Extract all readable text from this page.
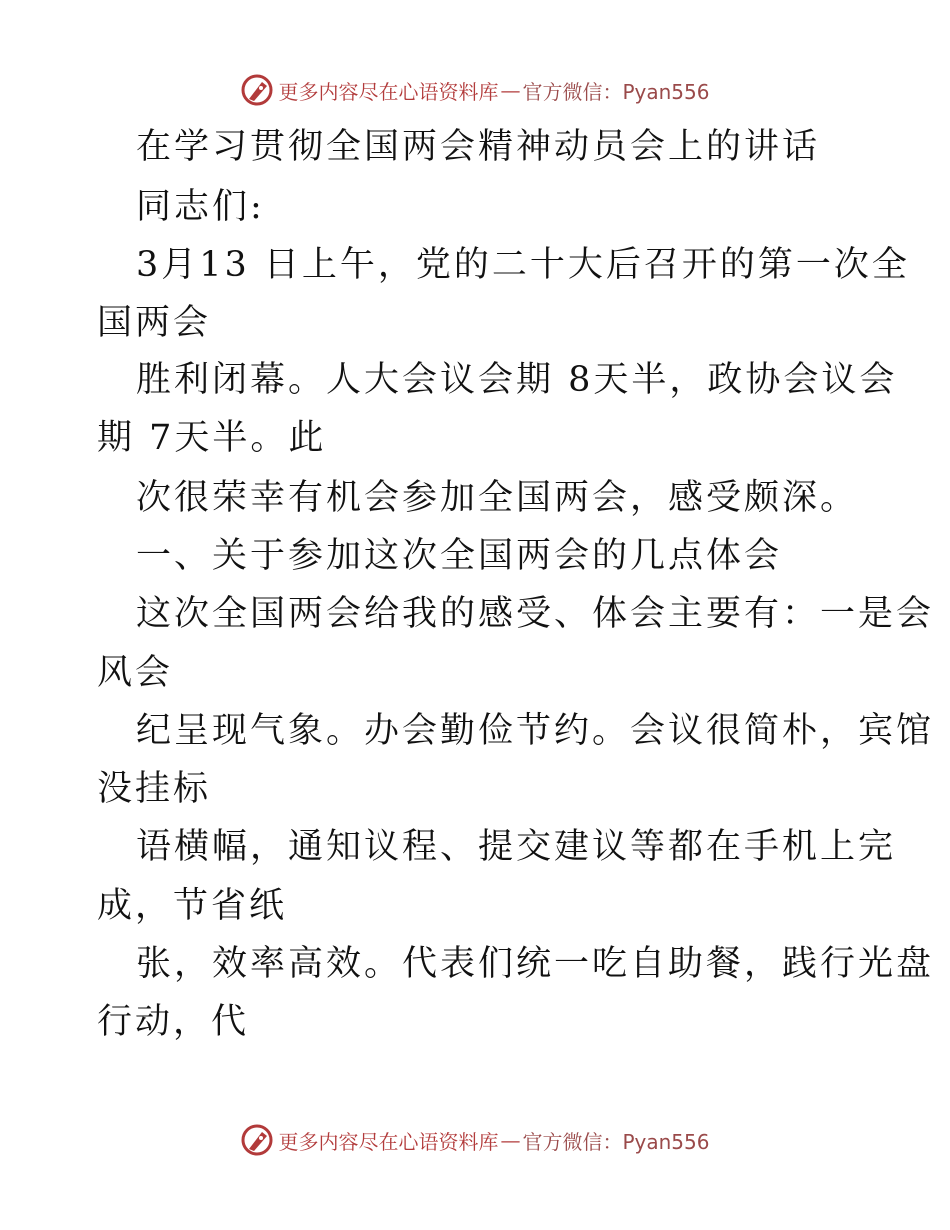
更多内容尽在心语资料库 — 官方微信：Pyan556
在学习贯彻全国两会精神动员会上的讲话
同志们:
3月13 日上午，党的二十大后召开的第一次全
国两会
胜利闭幕。人大会议会期 8天半，政协会议会
期 7天半。此
次很荣幸有机会参加全国两会，感受颇深。
一、关于参加这次全国两会的几点体会
这次全国两会给我的感受、体会主要有：一是会
风会
纪呈现气象。办会勤俭节约。会议很简朴，宾馆
没挂标
语横幅，通知议程、提交建议等都在手机上完
成，节省纸
张，效率高效。代表们统一吃自助餐，践行光盘
行动，代
更多内容尽在心语资料库 — 官方微信：Pyan556
